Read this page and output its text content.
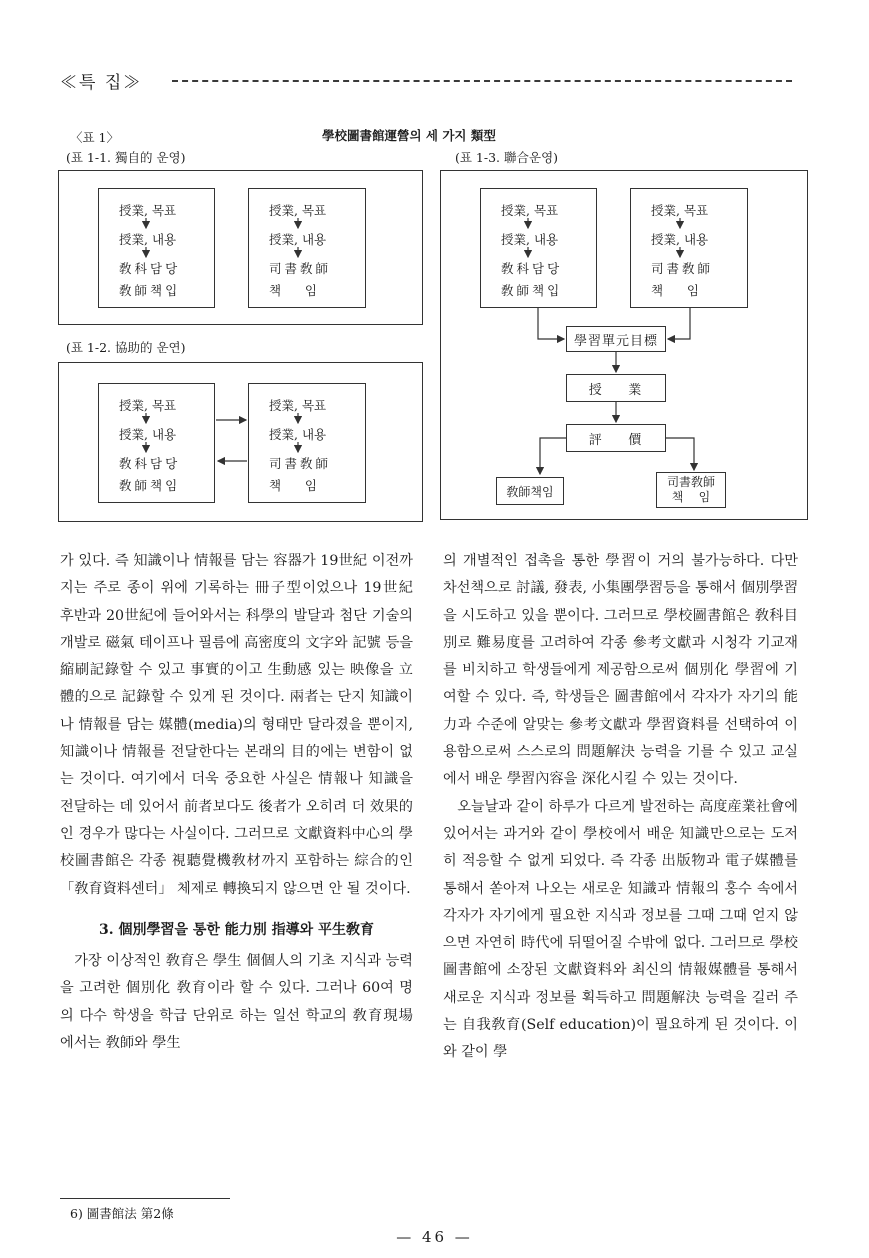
≪특 집≫
〈표 1〉	學校圖書館運營의 세 가지 類型
(표 1-1. 獨自的 운영)	(표 1-3. 聯合운영)
授業, 목표
授業, 내용
敎科담당
敎師책입
授業, 목표
授業, 내용
司書敎師
책      임
(표 1-2. 協助的 운연)
授業, 목표
授業, 내용
敎科담당
敎師책임
授業, 목표
授業, 내용
司書敎師
책      임
授業, 목표
授業, 내용
敎科담당
敎師책입
授業, 목표
授業, 내용
司書敎師
책      임
學習單元目標
授    業
評    價
敎師책임
司書敎師
책    임

가 있다. 즉 知識이나 情報를 담는 容器가 19世紀 이전까지는 주로 종이 위에 기록하는 冊子型이었으나 19世紀 후반과 20世紀에 들어와서는 科學의 발달과 첨단 기술의 개발로 磁氣 테이프나 필름에 高密度의 文字와 記號 등을 縮刷記錄할 수 있고 事實的이고 生動感 있는 映像을 立體的으로 記錄할 수 있게 된 것이다. 兩者는 단지 知識이나 情報를 담는 媒體(media)의 형태만 달라졌을 뿐이지, 知識이나 情報를 전달한다는 본래의 目的에는 변함이 없는 것이다. 여기에서 더욱 중요한 사실은 情報나 知識을 전달하는 데 있어서 前者보다도 後者가 오히려 더 效果的인 경우가 많다는 사실이다. 그러므로 文獻資料中心의 學校圖書館은 각종 視聽覺機敎材까지 포함하는 綜合的인 「敎育資料센터」 체제로 轉換되지 않으면 안 될 것이다.

3. 個別學習을 통한 能力別 指導와 平生敎育

가장 이상적인 敎育은 學生 個個人의 기초 지식과 능력을 고려한 個別化 敎育이라 할 수 있다. 그러나 60여 명의 다수 학생을 학급 단위로 하는 일선 학교의 敎育現場에서는 敎師와 學生

의 개별적인 접촉을 통한 學習이 거의 불가능하다. 다만 차선책으로 討議, 發表, 小集團學習등을 통해서 個別學習을 시도하고 있을 뿐이다. 그러므로 學校圖書館은 敎科目別로 難易度를 고려하여 각종 參考文獻과 시청각 기교재를 비치하고 학생들에게 제공함으로써 個別化 學習에 기여할 수 있다. 즉, 학생들은 圖書館에서 각자가 자기의 能力과 수준에 알맞는 參考文獻과 學習資料를 선택하여 이용함으로써 스스로의 問題解決 능력을 기를 수 있고 교실에서 배운 學習內容을 深化시킬 수 있는 것이다.

오늘날과 같이 하루가 다르게 발전하는 高度産業社會에 있어서는 과거와 같이 學校에서 배운 知識만으로는 도저히 적응할 수 없게 되었다. 즉 각종 出版物과 電子媒體를 통해서 쏟아져 나오는 새로운 知識과 情報의 홍수 속에서 각자가 자기에게 필요한 지식과 정보를 그때 그때 얻지 않으면 자연히 時代에 뒤떨어질 수밖에 없다. 그러므로 學校圖書館에 소장된 文獻資料와 최신의 情報媒體를 통해서 새로운 지식과 정보를 획득하고 問題解決 능력을 길러 주는 自我敎育(Self education)이 필요하게 된 것이다. 이와 같이 學

6) 圖書館法 第2條
— 46 —
